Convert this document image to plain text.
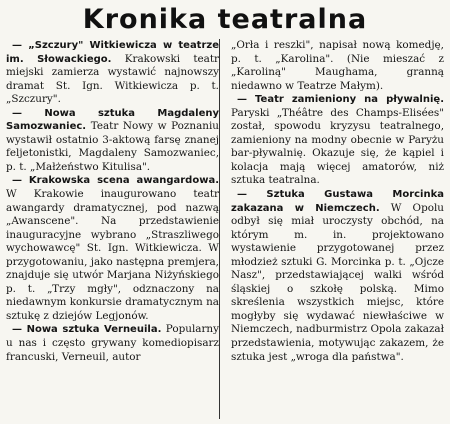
Kronika teatralna

— „Szczury" Witkiewicza w teatrze im. Słowackiego. Krakowski teatr miejski zamierza wystawić najnowszy dramat St. Ign. Witkiewicza p. t. „Szczury".

— Nowa sztuka Magdaleny Samozwaniec. Teatr Nowy w Poznaniu wystawił ostatnio 3-aktową farsę znanej feljetonistki, Magdaleny Samozwaniec, p. t. „Małżeństwo Kitulisa".

— Krakowska scena awangardowa. W Krakowie inaugurowano teatr awangardy dramatycznej, pod nazwą „Awanscene". Na przedstawienie inauguracyjne wybrano „Straszliwego wychowawcę" St. Ign. Witkiewicza. W przygotowaniu, jako następna premjera, znajduje się utwór Marjana Niżyńskiego p. t. „Trzy mgły", odznaczony na niedawnym konkursie dramatycznym na sztukę z dziejów Legjonów.

— Nowa sztuka Verneuila. Popularny u nas i często grywany komediopisarz francuski, Verneuil, autor

„Orła i reszki", napisał nową komedję, p. t. „Karolina". (Nie mieszać z „Karoliną" Maughama, granną niedawno w Teatrze Małym).

— Teatr zamieniony na pływalnię. Paryski „Théâtre des Champs-Elisées" został, spowodu kryzysu teatralnego, zamieniony na modny obecnie w Paryżu bar-pływalnię. Okazuje się, że kąpiel i kolacja mają więcej amatorów, niż sztuka teatralna.

— Sztuka Gustawa Morcinka zakazana w Niemczech. W Opolu odbył się miał uroczysty obchód, na którym m. in. projektowano wystawienie przygotowanej przez młodzież sztuki G. Morcinka p. t. „Ojcze Nasz", przedstawiającej walki wśród śląskiej o szkołę polską. Mimo skreślenia wszystkich miejsc, które mogłyby się wydawać niewłaściwe w Niemczech, nadburmistrz Opola zakazał przedstawienia, motywując zakazem, że sztuka jest „wroga dla państwa".
